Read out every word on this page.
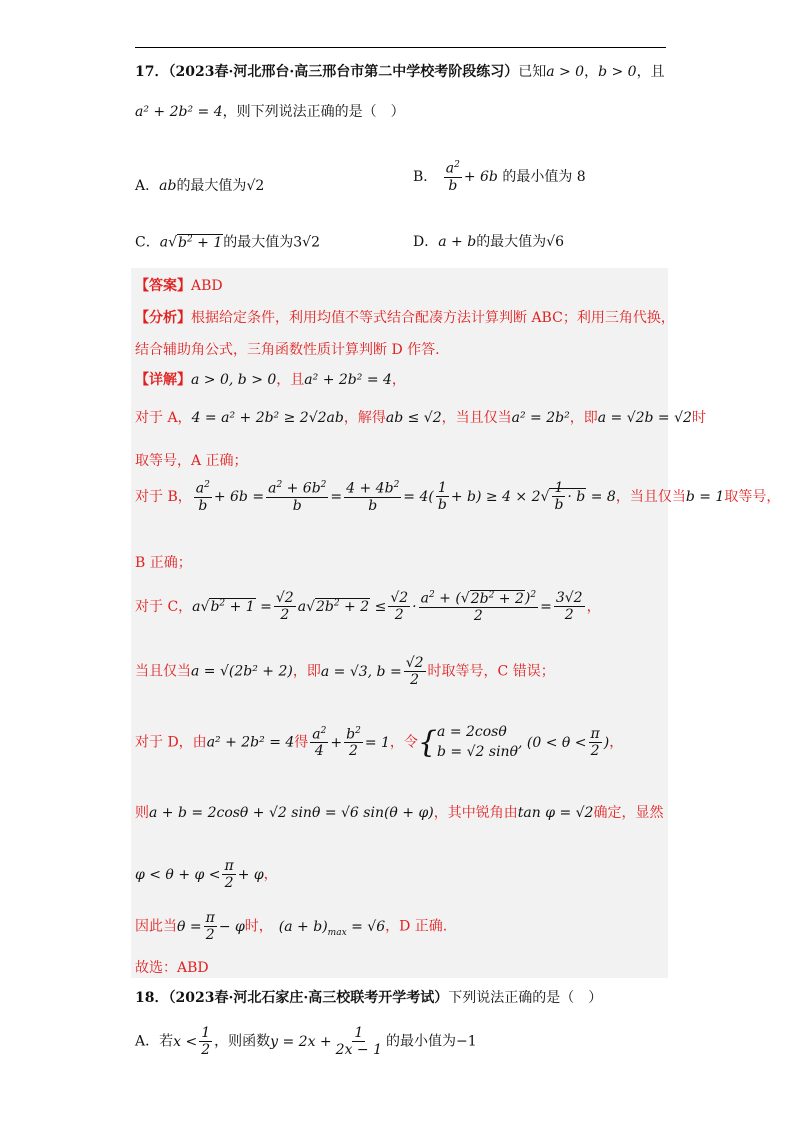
17．（2023春·河北邢台·高三邢台市第二中学校考阶段练习）已知a > 0，b > 0，且
a² + 2b² = 4，则下列说法正确的是（　）
A．ab的最大值为√2
B． $\frac{a^2}{b} + 6b$ 的最小值为 8
C．$a√b^2 + 1$的最大值为3√2	D．a + b的最大值为√6
【答案】ABD
【分析】根据给定条件，利用均值不等式结合配凑方法计算判断 ABC；利用三角代换，
结合辅助角公式，三角函数性质计算判断 D 作答.
【详解】a > 0, b > 0，且a² + 2b² = 4，
对于 A，4 = a² + 2b² ≥ 2√2ab，解得ab ≤ √2，当且仅当a² = 2b²，即a = √2b = √2时
取等号，A 正确；
对于 B， $\frac{a^2}{b} + 6b = \frac{a^2 + 6b^2}{b} = \frac{4 + 4b^2}{b} = 4( \frac{1}{b} + b) \ge 4 \times 2√ \frac{1}{b} \cdot b = 8$，当且仅当b = 1取等号，
B 正确；
对于 C，$a√b^2 + 1 = \frac{√2}{2} a√2b^2 + 2 \le \frac{√2}{2} \cdot \frac{a^2 + (√2b^2 + 2)^2}{2} = \frac{3√2}{2}$ ，
当且仅当a = √(2b² + 2)，即a = √3, $b = \frac{√2}{2}$ 时取等号，C 错误；
对于 D，由a² + 2b² = 4得 $\frac{a^2}{4} + \frac{b^2}{2} = 1$，令{ a = 2cosθ
b = √2 sinθ
, ($0 < \theta < \frac{\pi}{2}$ )，
则a + b = 2cosθ + √2 sinθ = √6 sin(θ + φ)，其中锐角由tan φ = √2确定，显然
$\varphi < \theta + \varphi < \frac{\pi}{2} + \varphi$，
因此当$\theta = \frac{\pi}{2} - \varphi$时， $(a + b)_{max} = √6$，D 正确.
故选：ABD
18．（2023春·河北石家庄·高三校联考开学考试）下列说法正确的是（　）
A．若$x < \frac{1}{2}$ ，则函数$y = 2x + \frac{1}{2x - 1}$ 的最小值为−1
